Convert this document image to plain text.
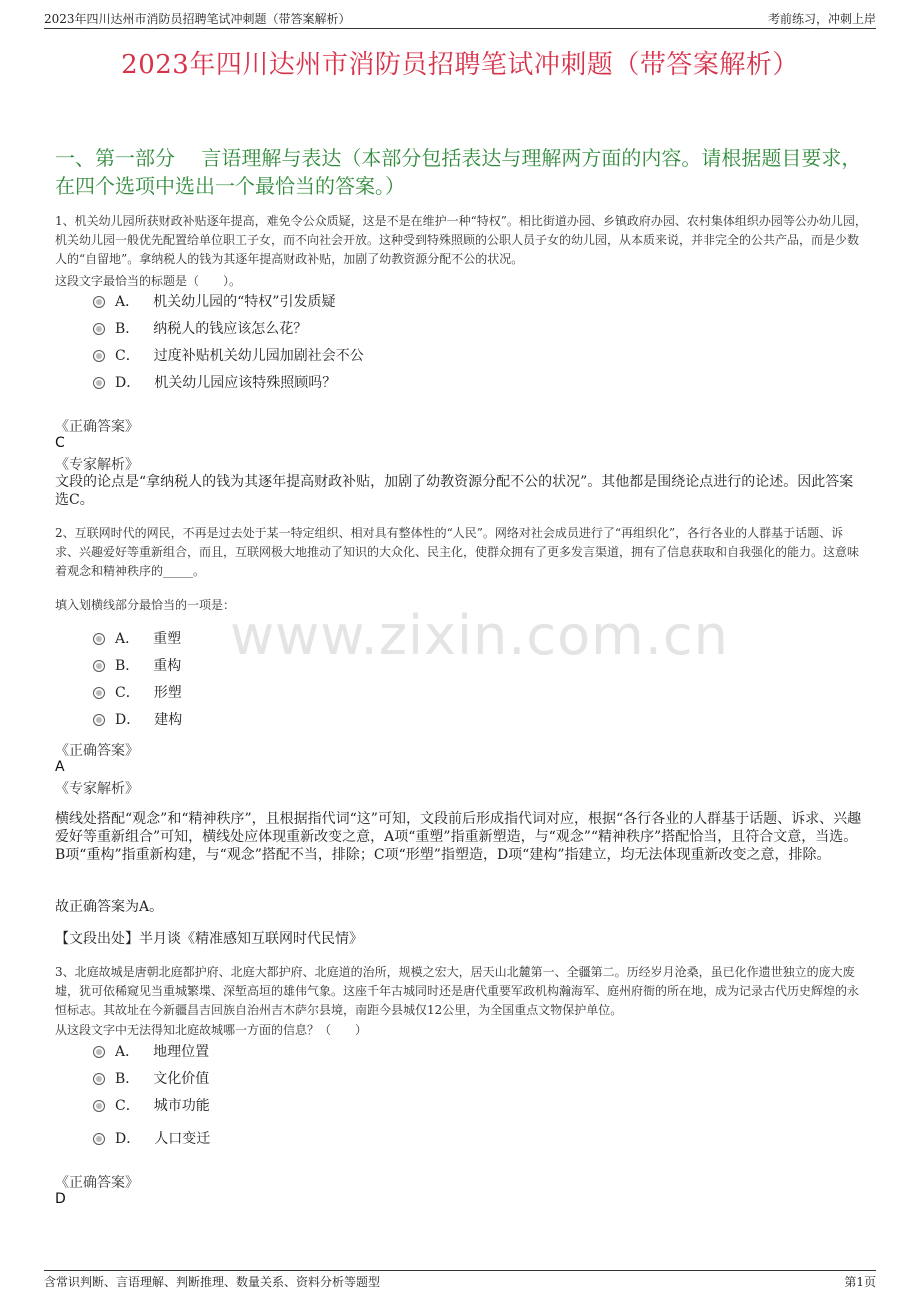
2023年四川达州市消防员招聘笔试冲刺题（带答案解析）	考前练习，冲刺上岸
2023年四川达州市消防员招聘笔试冲刺题（带答案解析）
一、第一部分　 言语理解与表达（本部分包括表达与理解两方面的内容。请根据题目要求，在四个选项中选出一个最恰当的答案。）
www.zixin.com.cn
1、机关幼儿园所获财政补贴逐年提高，难免令公众质疑，这是不是在维护一种“特权”。相比街道办园、乡镇政府办园、农村集体组织办园等公办幼儿园，机关幼儿园一般优先配置给单位职工子女，而不向社会开放。这种受到特殊照顾的公职人员子女的幼儿园，从本质来说，并非完全的公共产品，而是少数人的“自留地”。拿纳税人的钱为其逐年提高财政补贴，加剧了幼教资源分配不公的状况。
这段文字最恰当的标题是（　　）。
A． 机关幼儿园的“特权”引发质疑
B． 纳税人的钱应该怎么花？
C． 过度补贴机关幼儿园加剧社会不公
D． 机关幼儿园应该特殊照顾吗？
《正确答案》
C
《专家解析》
文段的论点是“拿纳税人的钱为其逐年提高财政补贴，加剧了幼教资源分配不公的状况”。其他都是围绕论点进行的论述。因此答案选C。
2、互联网时代的网民，不再是过去处于某一特定组织、相对具有整体性的“人民”。网络对社会成员进行了“再组织化”，各行各业的人群基于话题、诉求、兴趣爱好等重新组合，而且，互联网极大地推动了知识的大众化、民主化，使群众拥有了更多发言渠道，拥有了信息获取和自我强化的能力。这意味着观念和精神秩序的_____。
填入划横线部分最恰当的一项是：
A． 重塑
B． 重构
C． 形塑
D． 建构
《正确答案》
A
《专家解析》
横线处搭配“观念”和“精神秩序”，且根据指代词“这”可知，文段前后形成指代词对应，根据“各行各业的人群基于话题、诉求、兴趣爱好等重新组合”可知，横线处应体现重新改变之意，A项“重塑”指重新塑造，与“观念”“精神秩序”搭配恰当，且符合文意，当选。B项“重构”指重新构建，与“观念”搭配不当，排除；C项“形塑”指塑造，D项“建构”指建立，均无法体现重新改变之意，排除。
故正确答案为A。
【文段出处】半月谈《精准感知互联网时代民情》
3、北庭故城是唐朝北庭都护府、北庭大都护府、北庭道的治所，规模之宏大，居天山北麓第一、全疆第二。历经岁月沧桑，虽已化作遗世独立的庞大废墟，犹可依稀窥见当重城繁堞、深堑高垣的雄伟气象。这座千年古城同时还是唐代重要军政机构瀚海军、庭州府衙的所在地，成为记录古代历史辉煌的永恒标志。其故址在今新疆昌吉回族自治州吉木萨尔县境，南距今县城仅12公里，为全国重点文物保护单位。
从这段文字中无法得知北庭故城哪一方面的信息？（　　）
A． 地理位置
B． 文化价值
C． 城市功能
D． 人口变迁
《正确答案》
D
含常识判断、言语理解、判断推理、数量关系、资料分析等题型	第1页
